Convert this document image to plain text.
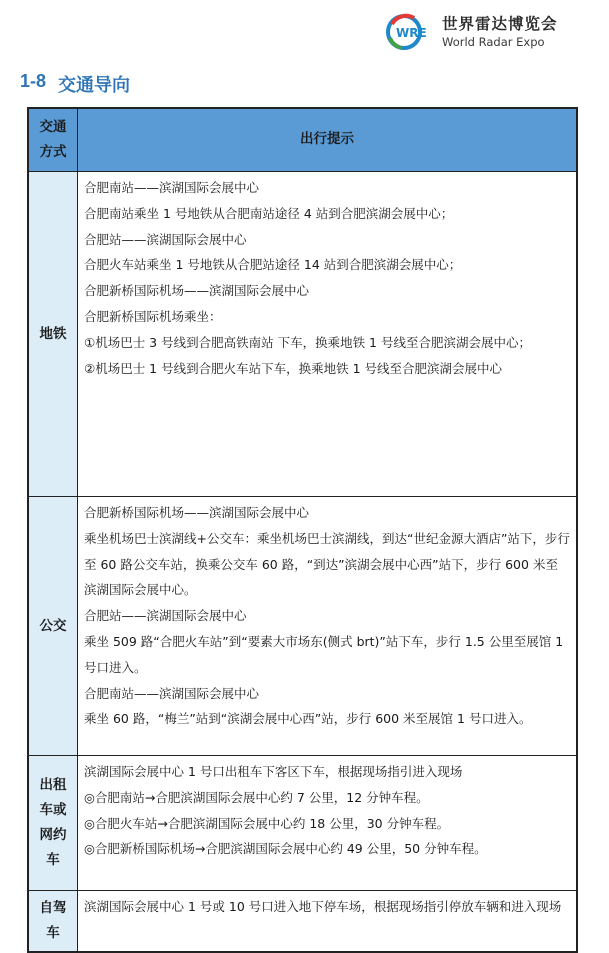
WRE 世界雷达博览会
World Radar Expo
1-8 交通导向
交通
方式
出行提示
地铁
合肥南站——滨湖国际会展中心
合肥南站乘坐 1 号地铁从合肥南站途径 4 站到合肥滨湖会展中心；
合肥站——滨湖国际会展中心
合肥火车站乘坐 1 号地铁从合肥站途径 14 站到合肥滨湖会展中心；
合肥新桥国际机场——滨湖国际会展中心
合肥新桥国际机场乘坐：
①机场巴士 3 号线到合肥高铁南站 下车，换乘地铁 1 号线至合肥滨湖会展中心；
②机场巴士 1 号线到合肥火车站下车，换乘地铁 1 号线至合肥滨湖会展中心
公交
合肥新桥国际机场——滨湖国际会展中心
乘坐机场巴士滨湖线+公交车：乘坐机场巴士滨湖线，到达“世纪金源大酒店”站下，步行至 60 路公交车站，换乘公交车 60 路，“到达”滨湖会展中心西”站下，步行 600 米至滨湖国际会展中心。
合肥站——滨湖国际会展中心
乘坐 509 路“合肥火车站”到“要素大市场东(侧式 brt)”站下车，步行 1.5 公里至展馆 1 号口进入。
合肥南站——滨湖国际会展中心
乘坐 60 路，“梅兰”站到“滨湖会展中心西”站，步行 600 米至展馆 1 号口进入。
出租车或网约车
滨湖国际会展中心 1 号口出租车下客区下车，根据现场指引进入现场
◎合肥南站→合肥滨湖国际会展中心约 7 公里，12 分钟车程。
◎合肥火车站→合肥滨湖国际会展中心约 18 公里，30 分钟车程。
◎合肥新桥国际机场→合肥滨湖国际会展中心约 49 公里，50 分钟车程。
自驾车
滨湖国际会展中心 1 号或 10 号口进入地下停车场，根据现场指引停放车辆和进入现场
